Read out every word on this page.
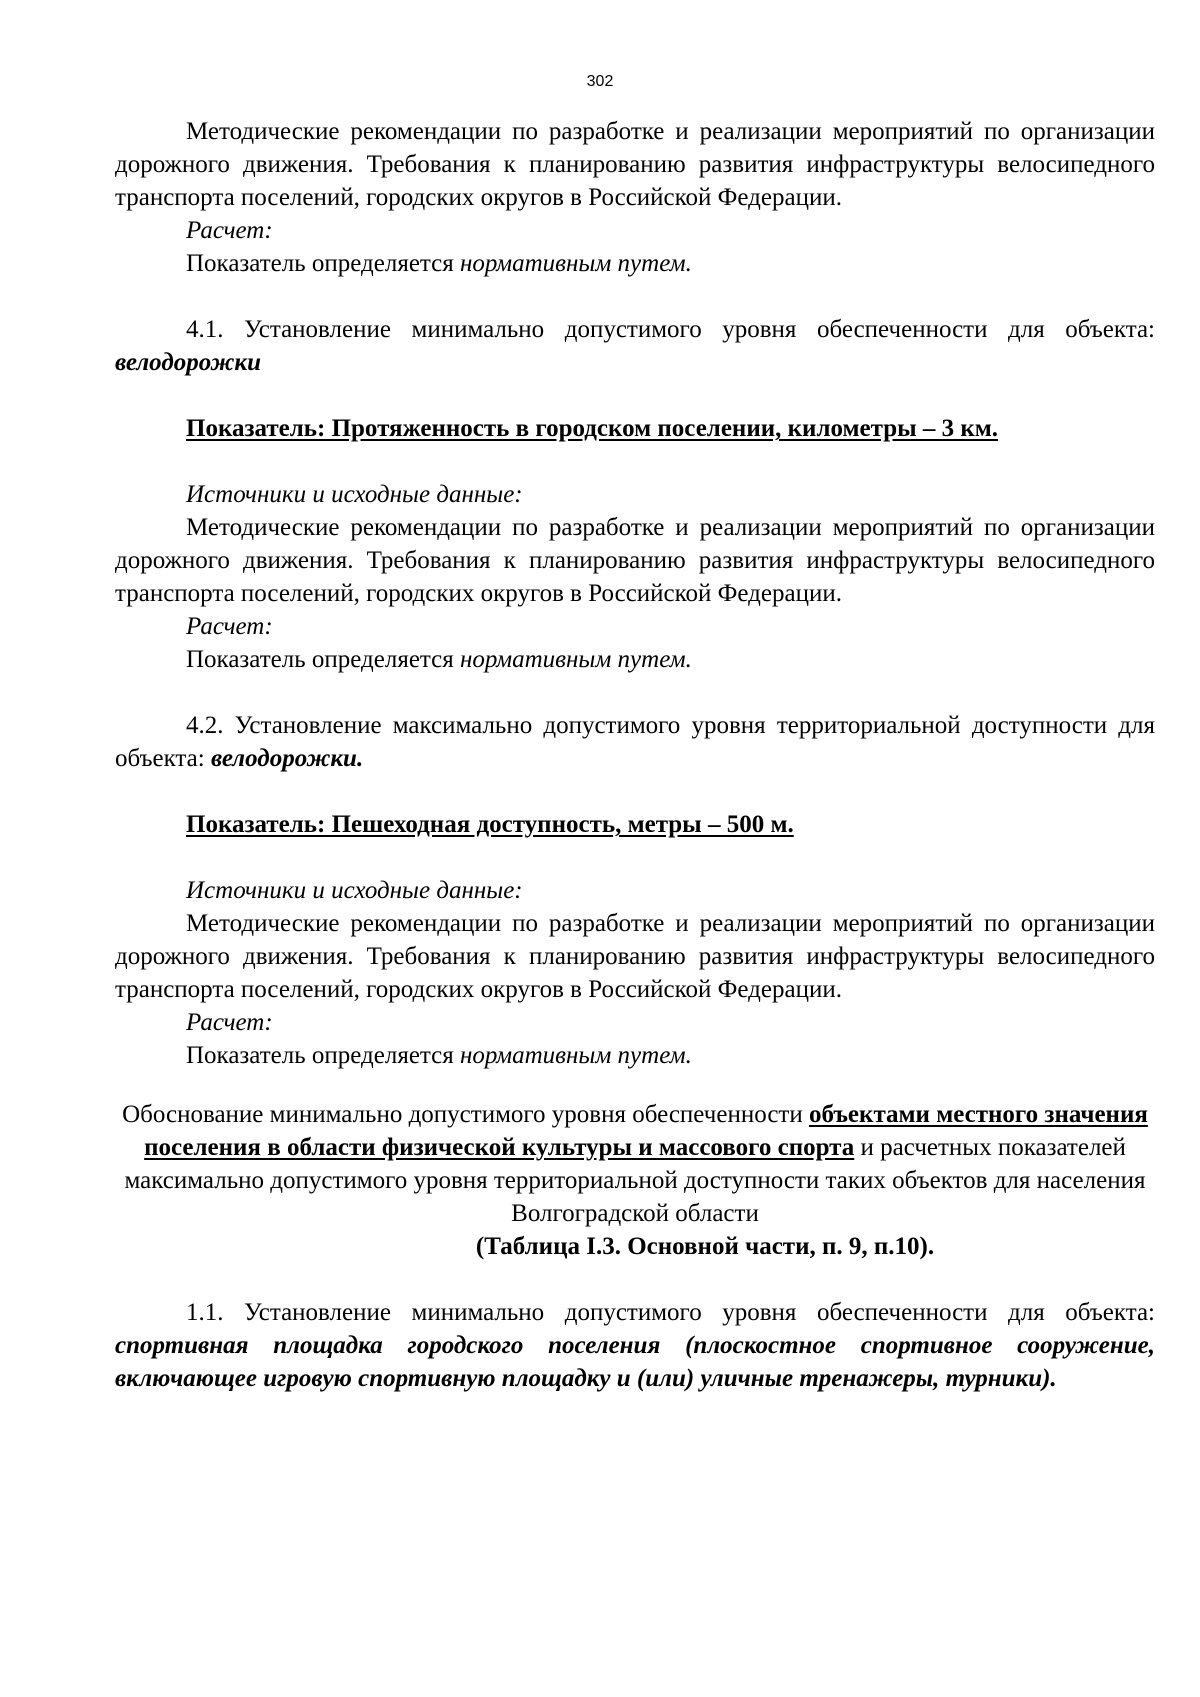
302

Методические рекомендации по разработке и реализации мероприятий по организации дорожного движения. Требования к планированию развития инфраструктуры велосипедного транспорта поселений, городских округов в Российской Федерации.

Расчет:

Показатель определяется нормативным путем.

4.1. Установление минимально допустимого уровня обеспеченности для объекта: велодорожки

Показатель: Протяженность в городском поселении, километры – 3 км.

Источники и исходные данные:

Методические рекомендации по разработке и реализации мероприятий по организации дорожного движения. Требования к планированию развития инфраструктуры велосипедного транспорта поселений, городских округов в Российской Федерации.

Расчет:

Показатель определяется нормативным путем.

4.2. Установление максимально допустимого уровня территориальной доступности для объекта: велодорожки.

Показатель: Пешеходная доступность, метры – 500 м.

Источники и исходные данные:

Методические рекомендации по разработке и реализации мероприятий по организации дорожного движения. Требования к планированию развития инфраструктуры велосипедного транспорта поселений, городских округов в Российской Федерации.

Расчет:

Показатель определяется нормативным путем.

Обоснование минимально допустимого уровня обеспеченности объектами местного значения поселения в области физической культуры и массового спорта и расчетных показателей максимально допустимого уровня территориальной доступности таких объектов для населения Волгоградской области

(Таблица I.3. Основной части, п. 9, п.10).

1.1. Установление минимально допустимого уровня обеспеченности для объекта: спортивная площадка городского поселения (плоскостное спортивное сооружение, включающее игровую спортивную площадку и (или) уличные тренажеры, турники).
